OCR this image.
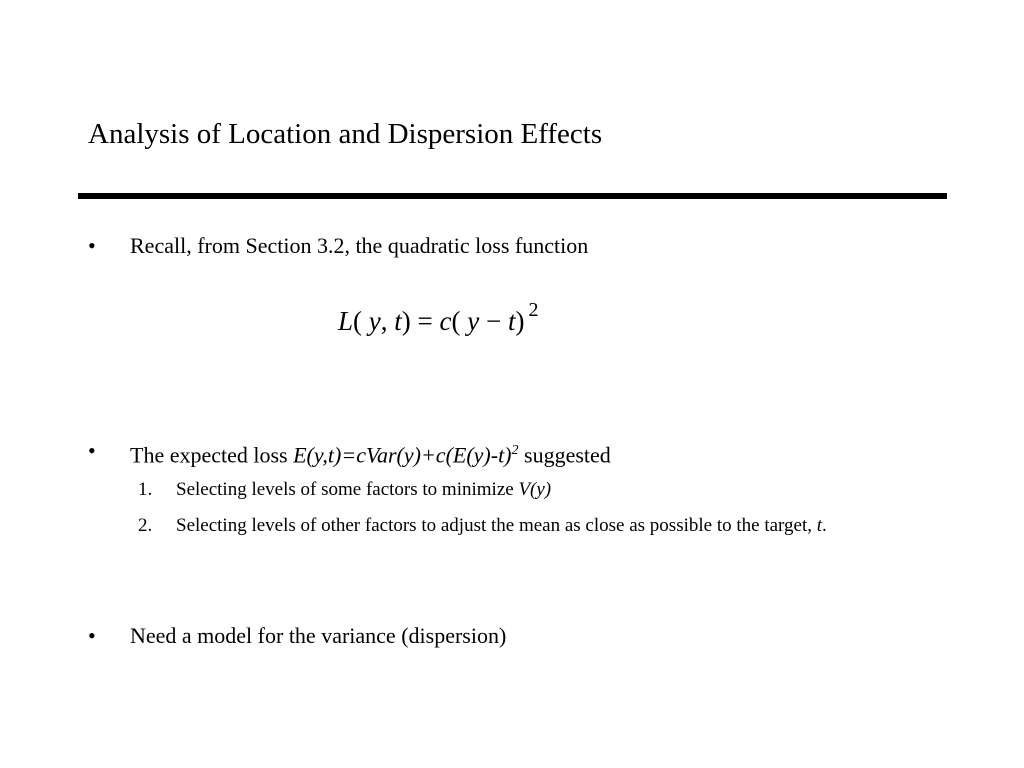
Analysis of Location and Dispersion Effects
• Recall, from Section 3.2, the quadratic loss function
L( y, t) = c( y − t) $^2$
• The expected loss $E(y,t)=cVar(y)+c(E(y)-t)^2$ suggested
1. Selecting levels of some factors to minimize V(y)
2. Selecting levels of other factors to adjust the mean as close as possible to the target, t.
• Need a model for the variance (dispersion)
